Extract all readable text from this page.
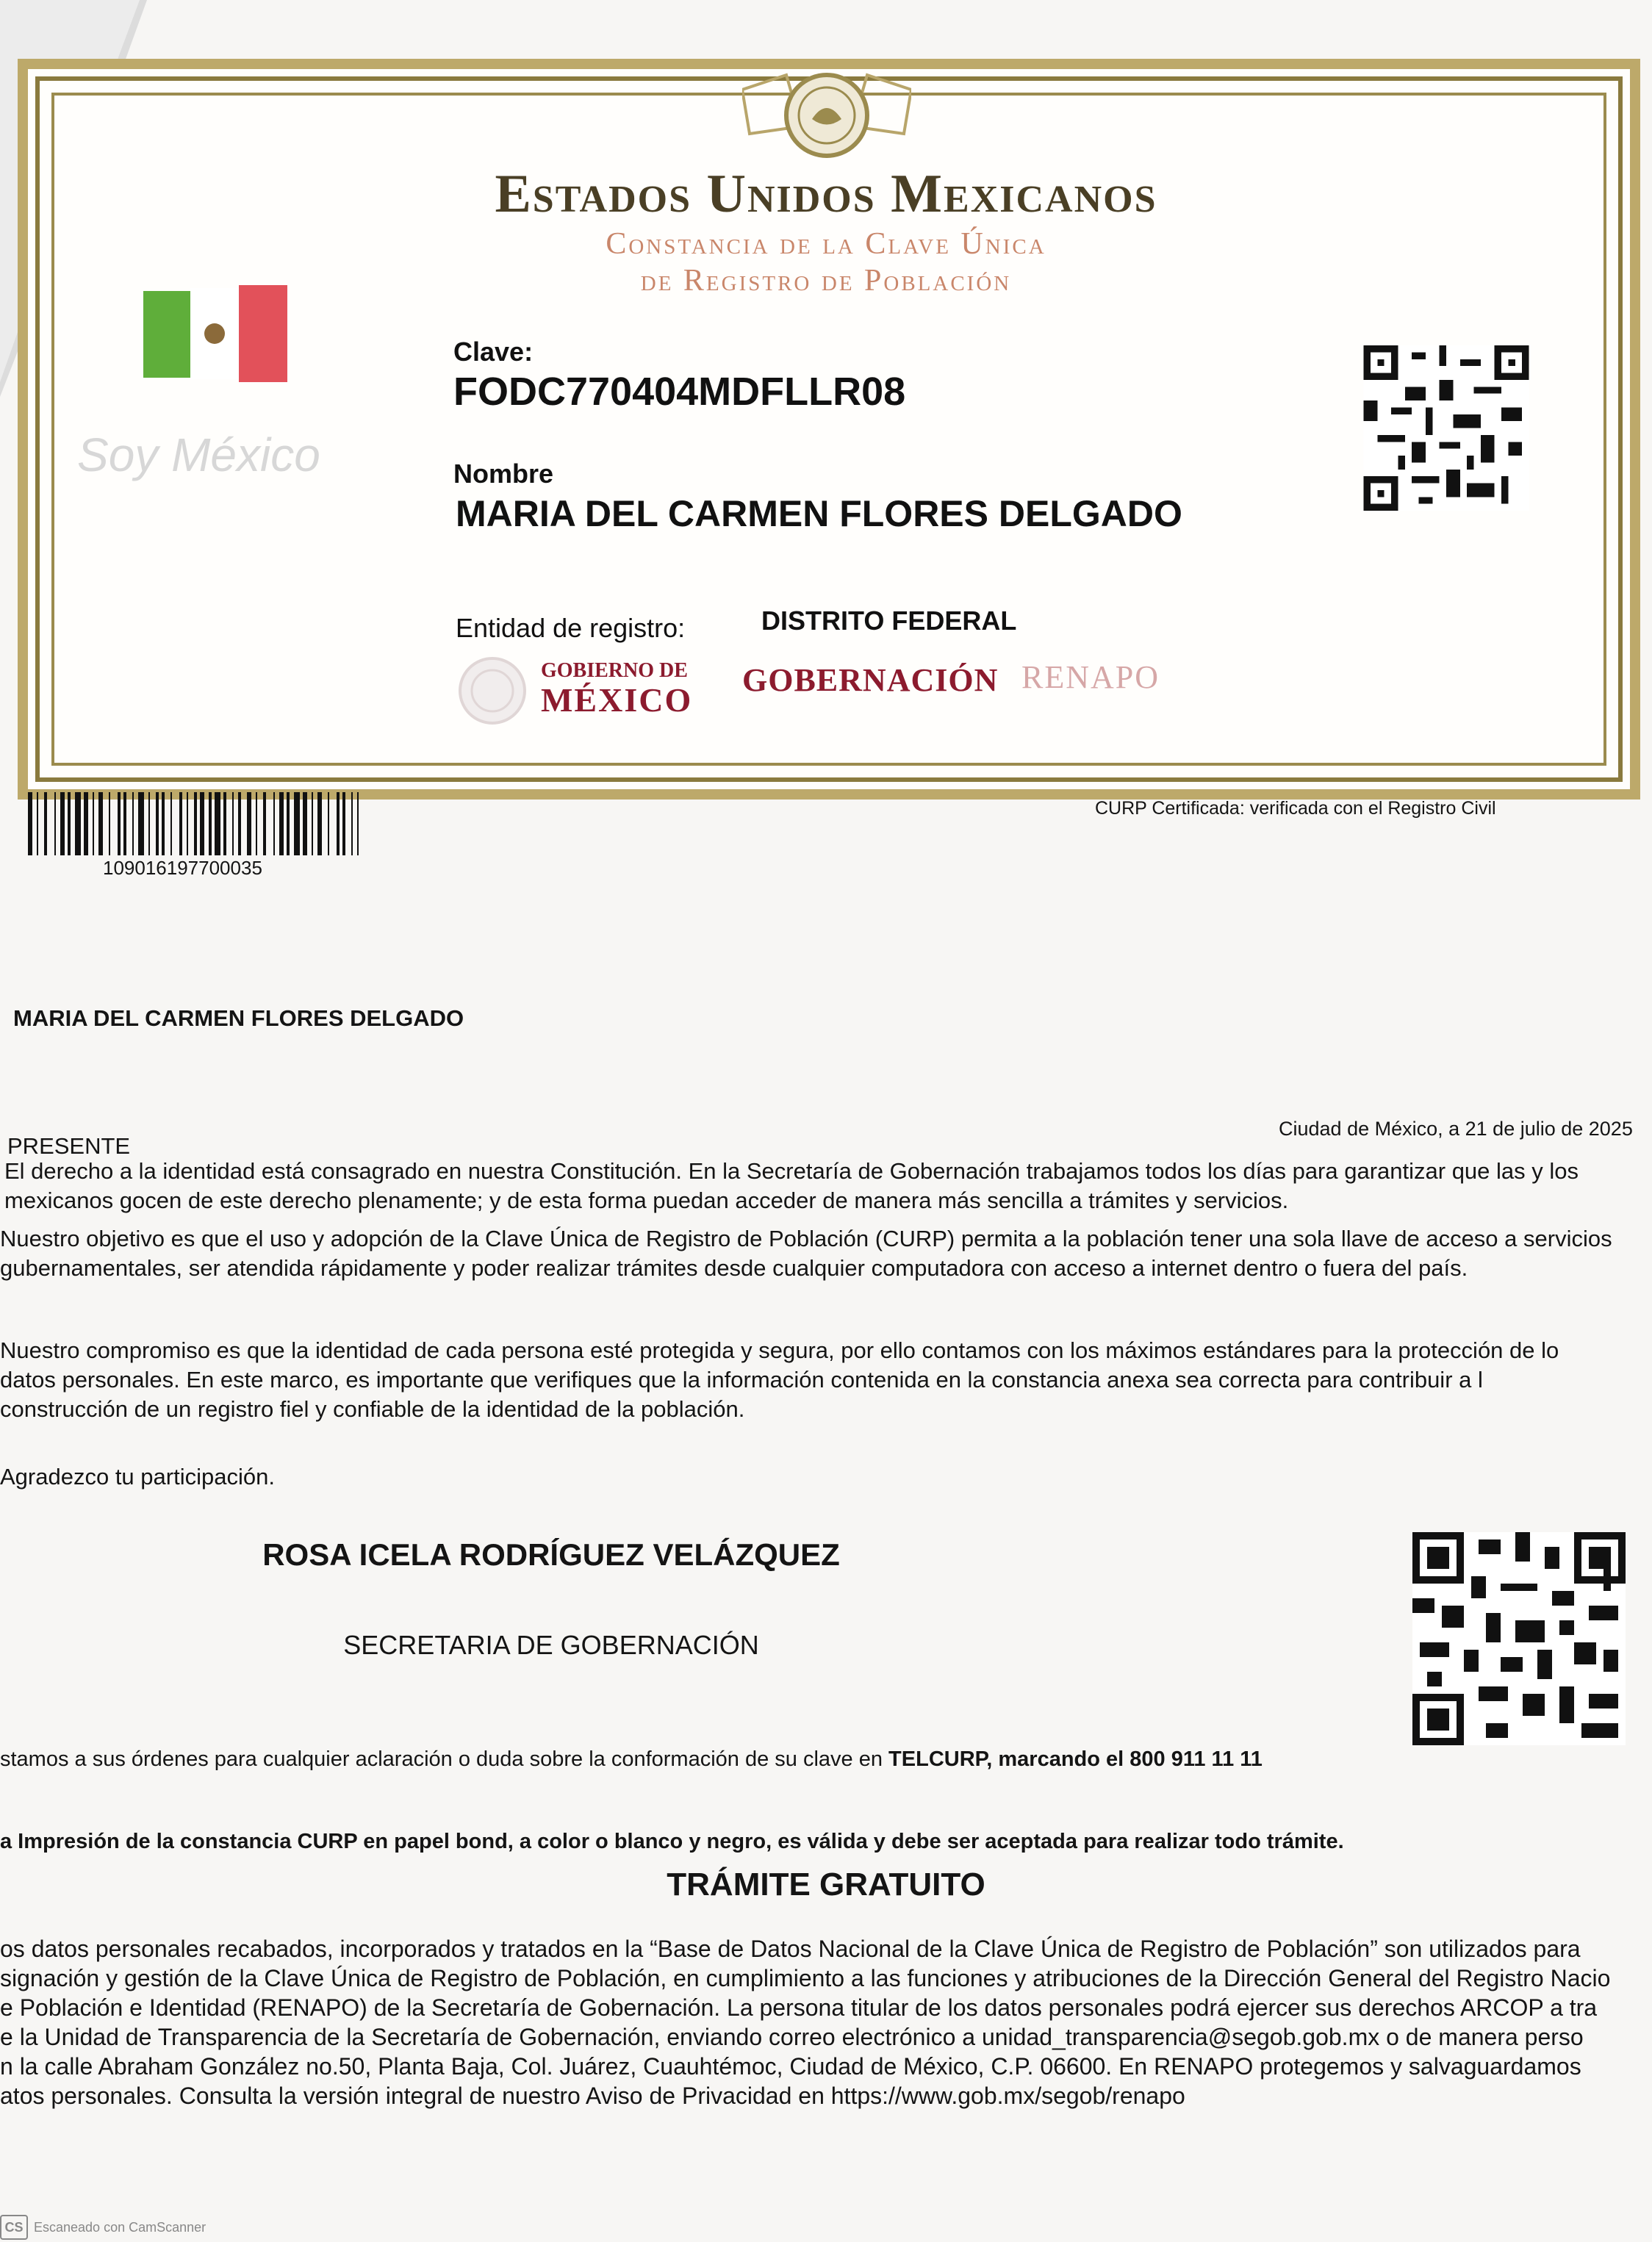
Estados Unidos Mexicanos
Constancia de la Clave Única
de Registro de Población
Soy México
Clave:
FODC770404MDFLLR08
Nombre
MARIA DEL CARMEN FLORES DELGADO
Entidad de registro:	DISTRITO FEDERAL
GOBIERNO DE
MÉXICO
GOBERNACIÓN RENAPO
109016197700035
CURP Certificada: verificada con el Registro Civil
MARIA DEL CARMEN FLORES DELGADO
PRESENTE
Ciudad de México, a 21 de julio de 2025
El derecho a la identidad está consagrado en nuestra Constitución. En la Secretaría de Gobernación trabajamos todos los días para garantizar que las y los
mexicanos gocen de este derecho plenamente; y de esta forma puedan acceder de manera más sencilla a trámites y servicios.
Nuestro objetivo es que el uso y adopción de la Clave Única de Registro de Población (CURP) permita a la población tener una sola llave de acceso a servicios
gubernamentales, ser atendida rápidamente y poder realizar trámites desde cualquier computadora con acceso a internet dentro o fuera del país.
Nuestro compromiso es que la identidad de cada persona esté protegida y segura, por ello contamos con los máximos estándares para la protección de lo
datos personales. En este marco, es importante que verifiques que la información contenida en la constancia anexa sea correcta para contribuir a l
construcción de un registro fiel y confiable de la identidad de la población.
Agradezco tu participación.
ROSA ICELA RODRÍGUEZ VELÁZQUEZ
SECRETARIA DE GOBERNACIÓN
stamos a sus órdenes para cualquier aclaración o duda sobre la conformación de su clave en TELCURP, marcando el 800 911 11 11
a Impresión de la constancia CURP en papel bond, a color o blanco y negro, es válida y debe ser aceptada para realizar todo trámite.
TRÁMITE GRATUITO
os datos personales recabados, incorporados y tratados en la “Base de Datos Nacional de la Clave Única de Registro de Población” son utilizados para
signación y gestión de la Clave Única de Registro de Población, en cumplimiento a las funciones y atribuciones de la Dirección General del Registro Nacio
e Población e Identidad (RENAPO) de la Secretaría de Gobernación. La persona titular de los datos personales podrá ejercer sus derechos ARCOP a tra
e la Unidad de Transparencia de la Secretaría de Gobernación, enviando correo electrónico a unidad_transparencia@segob.gob.mx o de manera perso
n la calle Abraham González no.50, Planta Baja, Col. Juárez, Cuauhtémoc, Ciudad de México, C.P. 06600. En RENAPO protegemos y salvaguardamos
atos personales. Consulta la versión integral de nuestro Aviso de Privacidad en https://www.gob.mx/segob/renapo
CS Escaneado con CamScanner
